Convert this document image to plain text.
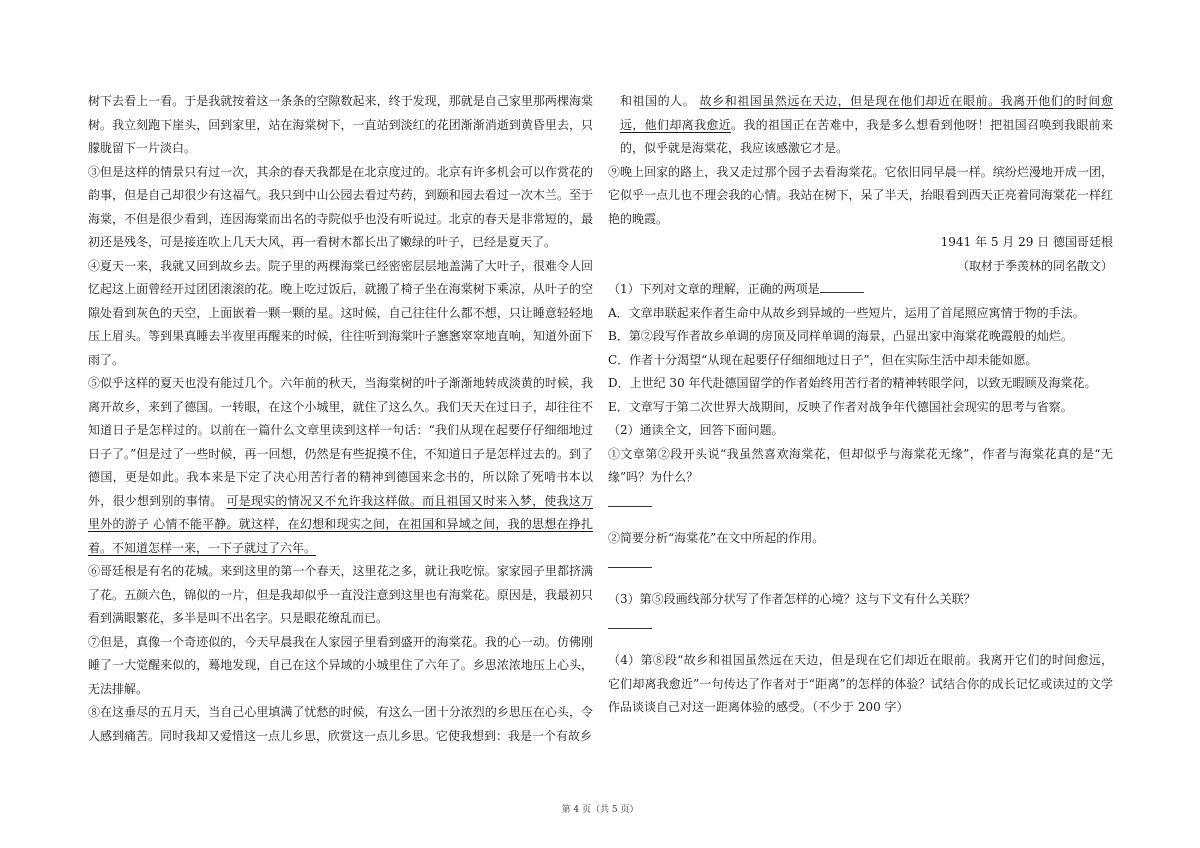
树下去看上一看。于是我就按着这一条条的空隙数起来，终于发现，那就是自己家里那两棵海棠树。我立刻跑下崖头，回到家里，站在海棠树下，一直站到淡红的花团渐渐消逝到黄昏里去，只朦胧留下一片淡白。

③但是这样的情景只有过一次，其余的春天我都是在北京度过的。北京有许多机会可以作赏花的韵事，但是自己却很少有这福气。我只到中山公园去看过芍药，到颐和园去看过一次木兰。至于海棠，不但是很少看到，连因海棠而出名的寺院似乎也没有听说过。北京的春天是非常短的，最初还是残冬，可是接连吹上几天大风，再一看树木都长出了嫩绿的叶子，已经是夏天了。

④夏天一来，我就又回到故乡去。院子里的两棵海棠已经密密层层地盖满了大叶子，很难令人回忆起这上面曾经开过团团滚滚的花。晚上吃过饭后，就搬了椅子坐在海棠树下乘凉，从叶子的空隙处看到灰色的天空，上面嵌着一颗一颗的星。这时候，自己往往什么都不想，只让睡意轻轻地压上眉头。等到果真睡去半夜里再醒来的时候，往往听到海棠叶子窸窸窣窣地直响，知道外面下雨了。

⑤似乎这样的夏天也没有能过几个。六年前的秋天，当海棠树的叶子渐渐地转成淡黄的时候，我离开故乡，来到了德国。一转眼，在这个小城里，就住了这么久。我们天天在过日子，却往往不知道日子是怎样过的。以前在一篇什么文章里读到这样一句话：“我们从现在起要仔仔细细地过日子了。”但是过了一些时候，再一回想，仍然是有些捉摸不住，不知道日子是怎样过去的。到了德国，更是如此。我本来是下定了决心用苦行者的精神到德国来念书的，所以除了死啃书本以外，很少想到别的事情。 可是现实的情况又不允许我这样做。而且祖国又时来入梦，使我这万里外的游子 心情不能平静。就这样，在幻想和现实之间，在祖国和异域之间，我的思想在挣扎着。不知道怎样一来，一下子就过了六年。

⑥哥廷根是有名的花城。来到这里的第一个春天，这里花之多，就让我吃惊。家家园子里都挤满了花。五颜六色，锦似的一片，但是我却似乎一直没注意到这里也有海棠花。原因是，我最初只看到满眼繁花，多半是叫不出名字。只是眼花缭乱而已。

⑦但是，真像一个奇迹似的，今天早晨我在人家园子里看到盛开的海棠花。我的心一动。仿佛刚睡了一大觉醒来似的，蓦地发现，自己在这个异域的小城里住了六年了。乡思浓浓地压上心头，无法排解。

⑧在这垂尽的五月天，当自己心里填满了忧愁的时候，有这么一团十分浓烈的乡思压在心头，令人感到痛苦。同时我却又爱惜这一点儿乡思，欣赏这一点儿乡思。它使我想到：我是一个有故乡

和祖国的人。 故乡和祖国虽然远在天边，但是现在他们却近在眼前。我离开他们的时间愈远，他们却离我愈近。我的祖国正在苦难中，我是多么想看到他呀！把祖国召唤到我眼前来的，似乎就是海棠花，我应该感激它才是。

⑨晚上回家的路上，我又走过那个园子去看海棠花。它依旧同早晨一样。缤纷烂漫地开成一团，它似乎一点儿也不理会我的心情。我站在树下，呆了半天，抬眼看到西天正亮着同海棠花一样红艳的晚霞。

1941 年 5 月 29 日 德国哥廷根

（取材于季羡林的同名散文）

（1）下列对文章的理解，正确的两项是

A．文章串联起来作者生命中从故乡到异域的一些短片，运用了首尾照应寓情于物的手法。

B．第②段写作者故乡单调的房顶及同样单调的海景，凸显出家中海棠花晚霞般的灿烂。

C．作者十分渴望“从现在起要仔仔细细地过日子”，但在实际生活中却未能如愿。

D．上世纪 30 年代赴德国留学的作者始终用苦行者的精神转眼学问，以致无暇顾及海棠花。

E．文章写于第二次世界大战期间，反映了作者对战争年代德国社会现实的思考与省察。

（2）通读全文，回答下面问题。

①文章第②段开头说“我虽然喜欢海棠花，但却似乎与海棠花无缘”，作者与海棠花真的是“无缘”吗？为什么？

②简要分析“海棠花”在文中所起的作用。

（3）第⑤段画线部分状写了作者怎样的心境？这与下文有什么关联？

（4）第⑧段“故乡和祖国虽然远在天边，但是现在它们却近在眼前。我离开它们的时间愈远，它们却离我愈近”一句传达了作者对于“距离”的怎样的体验？试结合你的成长记忆或读过的文学作品谈谈自己对这一距离体验的感受。（不少于 200 字）

第 4 页（共 5 页）
